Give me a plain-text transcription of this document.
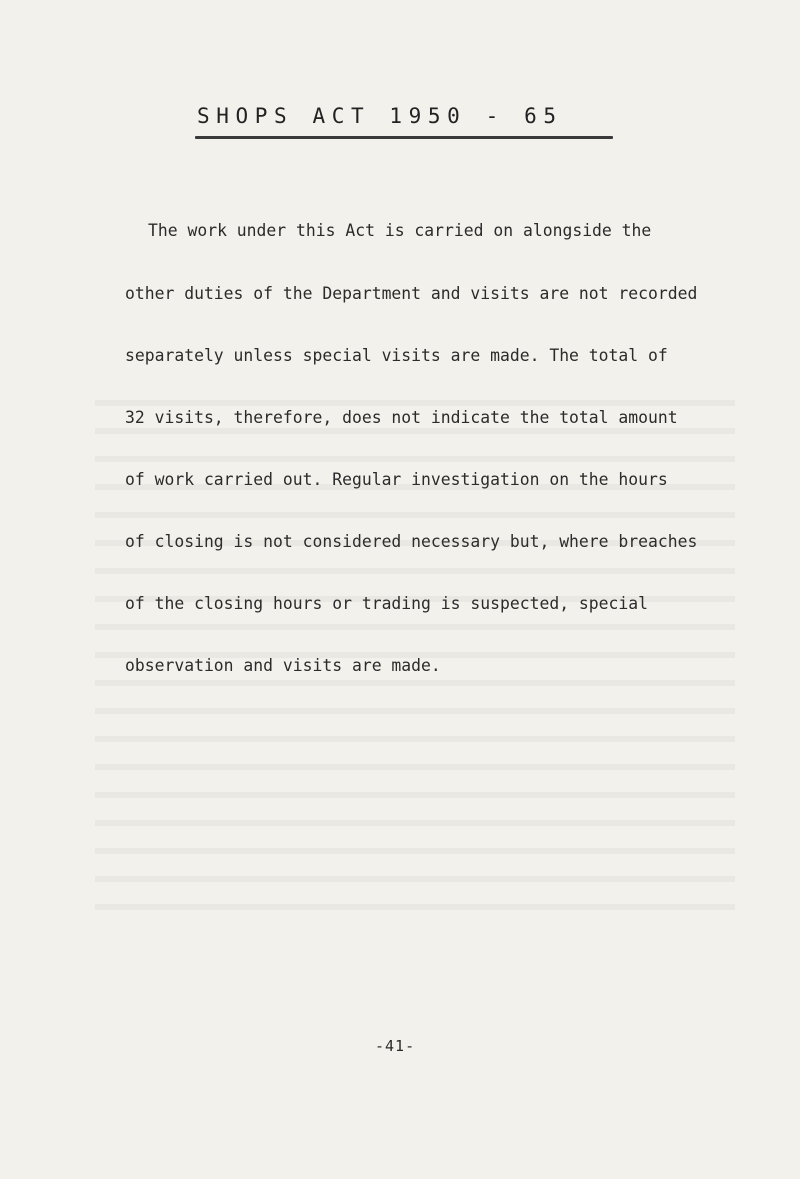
SHOPS ACT 1950 - 65

The work under this Act is carried on alongside the

other duties of the Department and visits are not recorded

separately unless special visits are made. The total of

32 visits, therefore, does not indicate the total amount

of work carried out. Regular investigation on the hours

of closing is not considered necessary but, where breaches

of the closing hours or trading is suspected, special

observation and visits are made.

-41-
